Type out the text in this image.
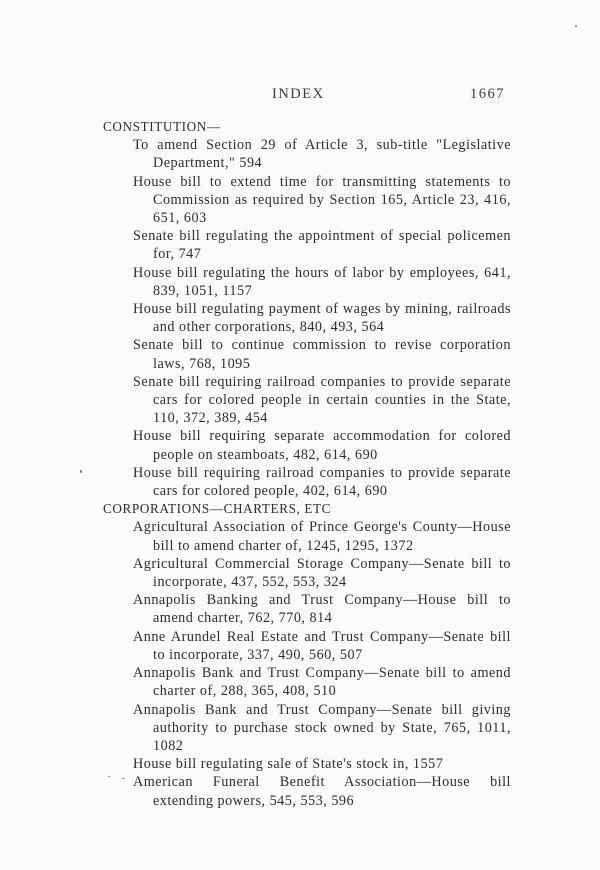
INDEX	1667
CONSTITUTION—
To amend Section 29 of Article 3, sub-title "Legislative Department," 594
House bill to extend time for transmitting statements to Commission as required by Section 165, Article 23, 416, 651, 603
Senate bill regulating the appointment of special policemen for, 747
House bill regulating the hours of labor by employees, 641, 839, 1051, 1157
House bill regulating payment of wages by mining, railroads and other corporations, 840, 493, 564
Senate bill to continue commission to revise corporation laws, 768, 1095
Senate bill requiring railroad companies to provide separate cars for colored people in certain counties in the State, 110, 372, 389, 454
House bill requiring separate accommodation for colored people on steamboats, 482, 614, 690
House bill requiring railroad companies to provide separate cars for colored people, 402, 614, 690
CORPORATIONS—CHARTERS, ETC
Agricultural Association of Prince George's County—House bill to amend charter of, 1245, 1295, 1372
Agricultural Commercial Storage Company—Senate bill to incorporate, 437, 552, 553, 324
Annapolis Banking and Trust Company—House bill to amend charter, 762, 770, 814
Anne Arundel Real Estate and Trust Company—Senate bill to incorporate, 337, 490, 560, 507
Annapolis Bank and Trust Company—Senate bill to amend charter of, 288, 365, 408, 510
Annapolis Bank and Trust Company—Senate bill giving authority to purchase stock owned by State, 765, 1011, 1082
House bill regulating sale of State's stock in, 1557
American Funeral Benefit Association—House bill extending powers, 545, 553, 596
